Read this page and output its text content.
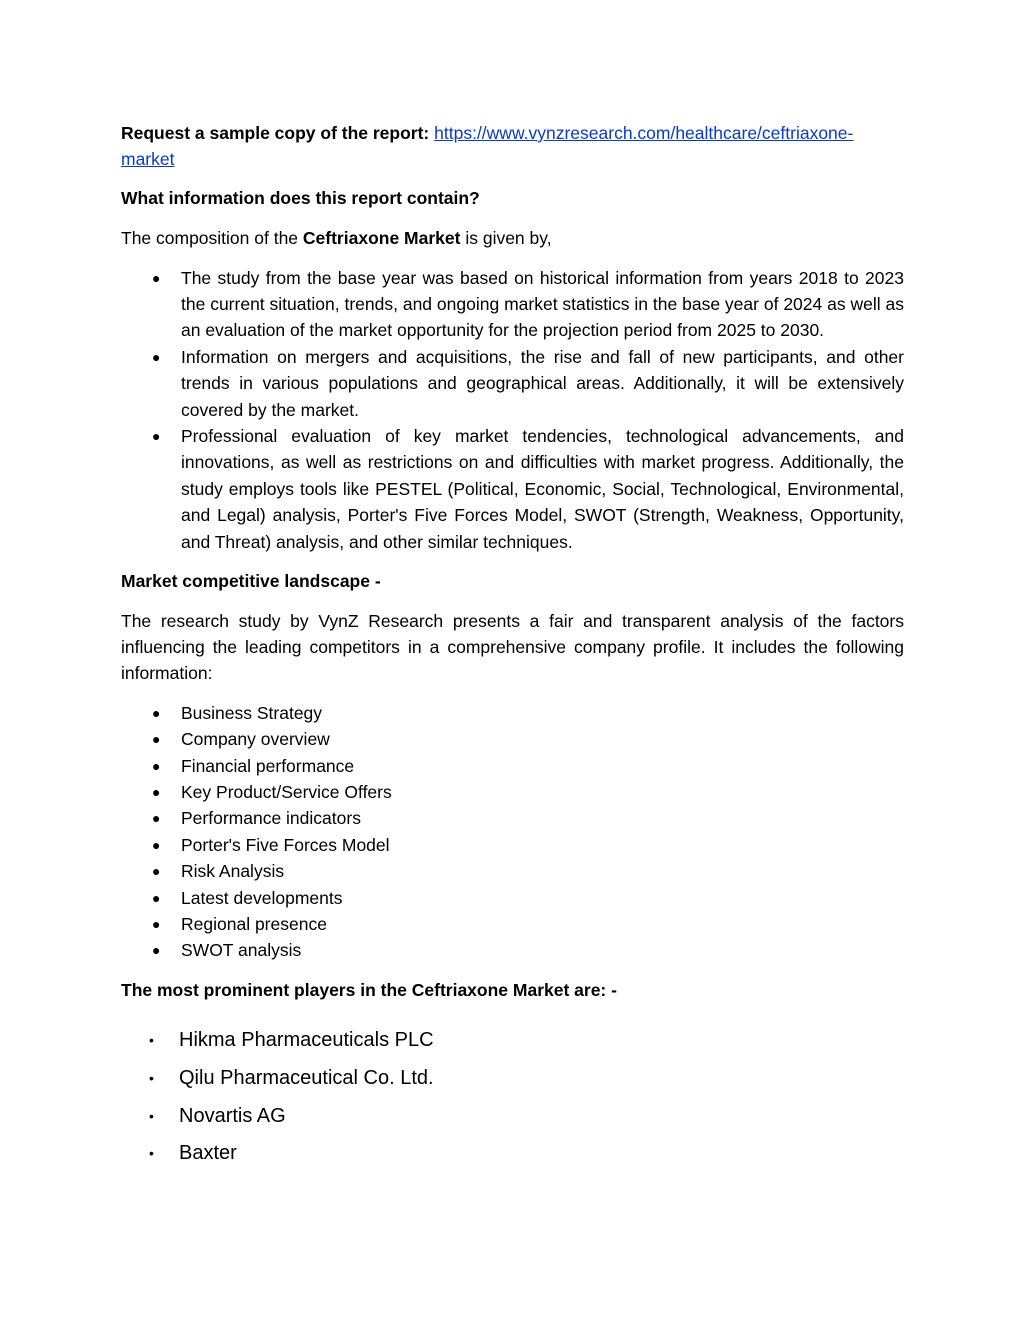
Request a sample copy of the report: https://www.vynzresearch.com/healthcare/ceftriaxone-market

What information does this report contain?

The composition of the Ceftriaxone Market is given by,

● The study from the base year was based on historical information from years 2018 to 2023 the current situation, trends, and ongoing market statistics in the base year of 2024 as well as an evaluation of the market opportunity for the projection period from 2025 to 2030.
● Information on mergers and acquisitions, the rise and fall of new participants, and other trends in various populations and geographical areas. Additionally, it will be extensively covered by the market.
● Professional evaluation of key market tendencies, technological advancements, and innovations, as well as restrictions on and difficulties with market progress. Additionally, the study employs tools like PESTEL (Political, Economic, Social, Technological, Environmental, and Legal) analysis, Porter's Five Forces Model, SWOT (Strength, Weakness, Opportunity, and Threat) analysis, and other similar techniques.

Market competitive landscape -

The research study by VynZ Research presents a fair and transparent analysis of the factors influencing the leading competitors in a comprehensive company profile. It includes the following information:

● Business Strategy
● Company overview
● Financial performance
● Key Product/Service Offers
● Performance indicators
● Porter's Five Forces Model
● Risk Analysis
● Latest developments
● Regional presence
● SWOT analysis

The most prominent players in the Ceftriaxone Market are: -

• Hikma Pharmaceuticals PLC
• Qilu Pharmaceutical Co. Ltd.
• Novartis AG
• Baxter
